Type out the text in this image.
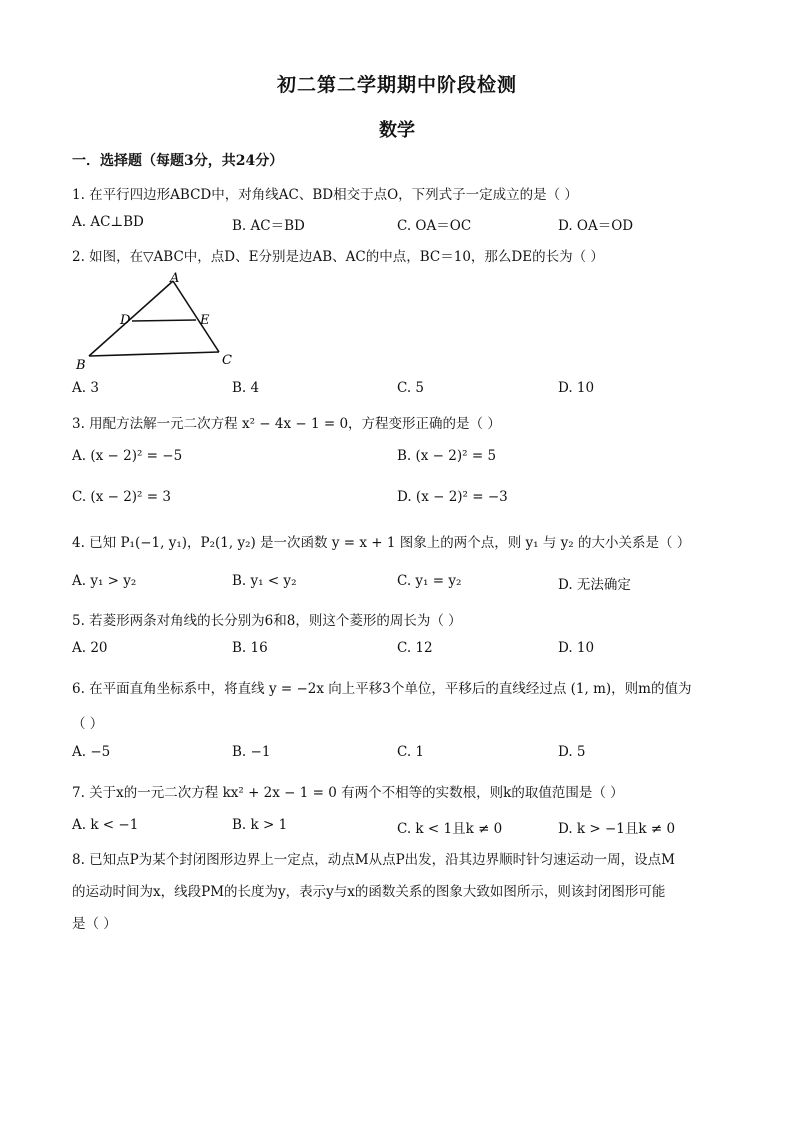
初二第二学期期中阶段检测
数学
一．选择题（每题3分，共24分）
1. 在平行四边形ABCD中，对角线AC、BD相交于点O，下列式子一定成立的是（ ）
A. AC⊥BD	B. AC＝BD	C. OA＝OC	D. OA＝OD
2. 如图，在▽ABC中，点D、E分别是边AB、AC的中点，BC＝10，那么DE的长为（ ）
A
D	E
B	C
A. 3	B. 4	C. 5	D. 10
3. 用配方法解一元二次方程 x² − 4x − 1 = 0，方程变形正确的是（ ）
A. (x − 2)² = −5	B. (x − 2)² = 5
C. (x − 2)² = 3	D. (x − 2)² = −3
4. 已知 P₁(−1, y₁)，P₂(1, y₂) 是一次函数 y = x + 1 图象上的两个点，则 y₁ 与 y₂ 的大小关系是（ ）
A. y₁ > y₂	B. y₁ < y₂	C. y₁ = y₂	D. 无法确定
5. 若菱形两条对角线的长分别为6和8，则这个菱形的周长为（ ）
A. 20	B. 16	C. 12	D. 10
6. 在平面直角坐标系中，将直线 y = −2x 向上平移3个单位，平移后的直线经过点 (1, m)，则m的值为
（ ）
A. −5	B. −1	C. 1	D. 5
7. 关于x的一元二次方程 kx² + 2x − 1 = 0 有两个不相等的实数根，则k的取值范围是（ ）
A. k < −1	B. k > 1	C. k < 1且k ≠ 0	D. k > −1且k ≠ 0
8. 已知点P为某个封闭图形边界上一定点，动点M从点P出发，沿其边界顺时针匀速运动一周，设点M
的运动时间为x，线段PM的长度为y，表示y与x的函数关系的图象大致如图所示，则该封闭图形可能
是（ ）
